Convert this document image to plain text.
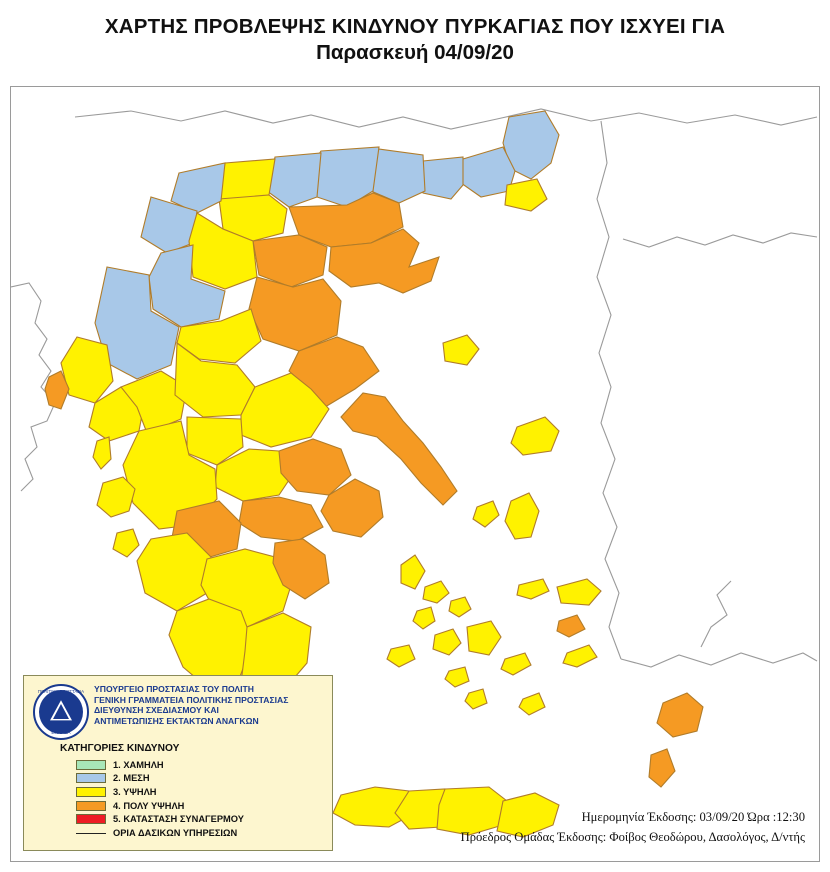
ΧΑΡΤΗΣ ΠΡΟΒΛΕΨΗΣ ΚΙΝΔΥΝΟΥ ΠΥΡΚΑΓΙΑΣ ΠΟΥ ΙΣΧΥΕΙ ΓΙΑ
Παρασκευή 04/09/20
ΠΟΛΙΤΙΚΗ ΠΡΟΣΤΑΣΙΑ
ΕΛΛΑΔΑ
ΥΠΟΥΡΓΕΙΟ ΠΡΟΣΤΑΣΙΑΣ ΤΟΥ ΠΟΛΙΤΗ
ΓΕΝΙΚΗ ΓΡΑΜΜΑΤΕΙΑ ΠΟΛΙΤΙΚΗΣ ΠΡΟΣΤΑΣΙΑΣ
ΔΙΕΥΘΥΝΣΗ ΣΧΕΔΙΑΣΜΟΥ ΚΑΙ
ΑΝΤΙΜΕΤΩΠΙΣΗΣ ΕΚΤΑΚΤΩΝ ΑΝΑΓΚΩΝ
ΚΑΤΗΓΟΡΙΕΣ ΚΙΝΔΥΝΟΥ
1. ΧΑΜΗΛΗ
2. ΜΕΣΗ
3. ΥΨΗΛΗ
4. ΠΟΛΥ ΥΨΗΛΗ
5. ΚΑΤΑΣΤΑΣΗ ΣΥΝΑΓΕΡΜΟΥ
ΟΡΙΑ ΔΑΣΙΚΩΝ ΥΠΗΡΕΣΙΩΝ
Ημερομηνία Έκδοσης: 03/09/20 Ώρα :12:30
Πρόεδρος Ομάδας Έκδοσης: Φοίβος Θεοδώρου, Δασολόγος, Δ/ντής
